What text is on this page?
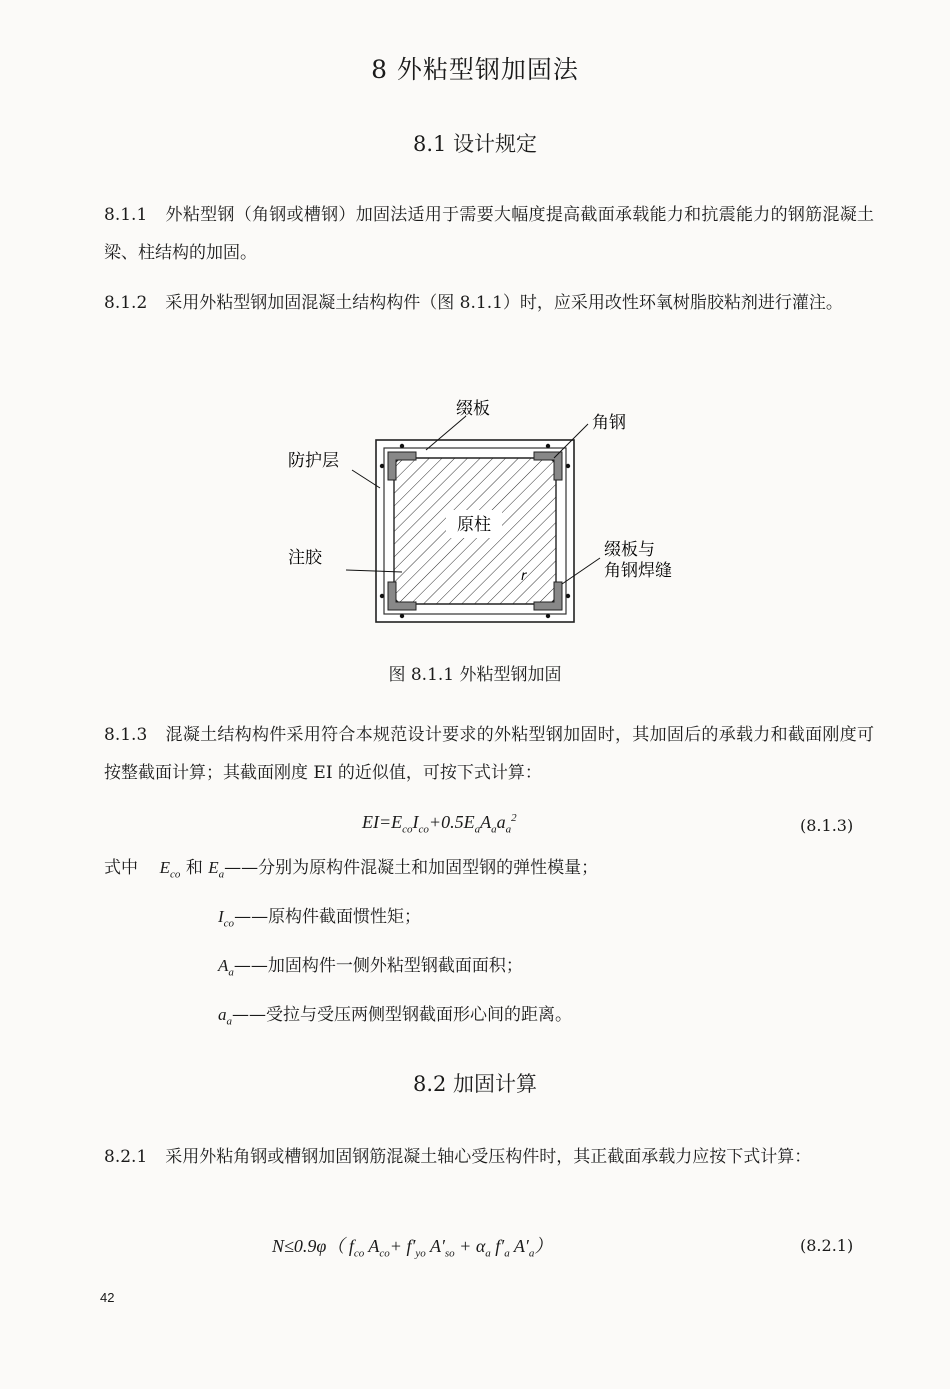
8 外粘型钢加固法
8.1 设计规定
8.1.1 外粘型钢（角钢或槽钢）加固法适用于需要大幅度提高截面承载能力和抗震能力的钢筋混凝土梁、柱结构的加固。
8.1.2 采用外粘型钢加固混凝土结构构件（图 8.1.1）时，应采用改性环氧树脂胶粘剂进行灌注。
原柱
缀板
角钢
防护层
注胶	缀板与
角钢焊缝
r
图 8.1.1 外粘型钢加固
8.1.3 混凝土结构构件采用符合本规范设计要求的外粘型钢加固时，其加固后的承载力和截面刚度可按整截面计算；其截面刚度 EI 的近似值，可按下式计算：
$EI=E_{co}I_{co}+0.5E_aA_aa_a^2$	(8.1.3)
式中 $E_{co}$ 和 $E_a——$分别为原构件混凝土和加固型钢的弹性模量；
$I_{co}——$原构件截面惯性矩；
$A_a——$加固构件一侧外粘型钢截面面积；
$a_a——$受拉与受压两侧型钢截面形心间的距离。
8.2 加固计算
8.2.1 采用外粘角钢或槽钢加固钢筋混凝土轴心受压构件时，其正截面承载力应按下式计算：
N≤0.9φ（ $f_{co}$ $A_{co}+ f'_{yo}$ $A'_{so} + \alpha_a$ $f'_a$ $A'_a$）	(8.2.1)
42
